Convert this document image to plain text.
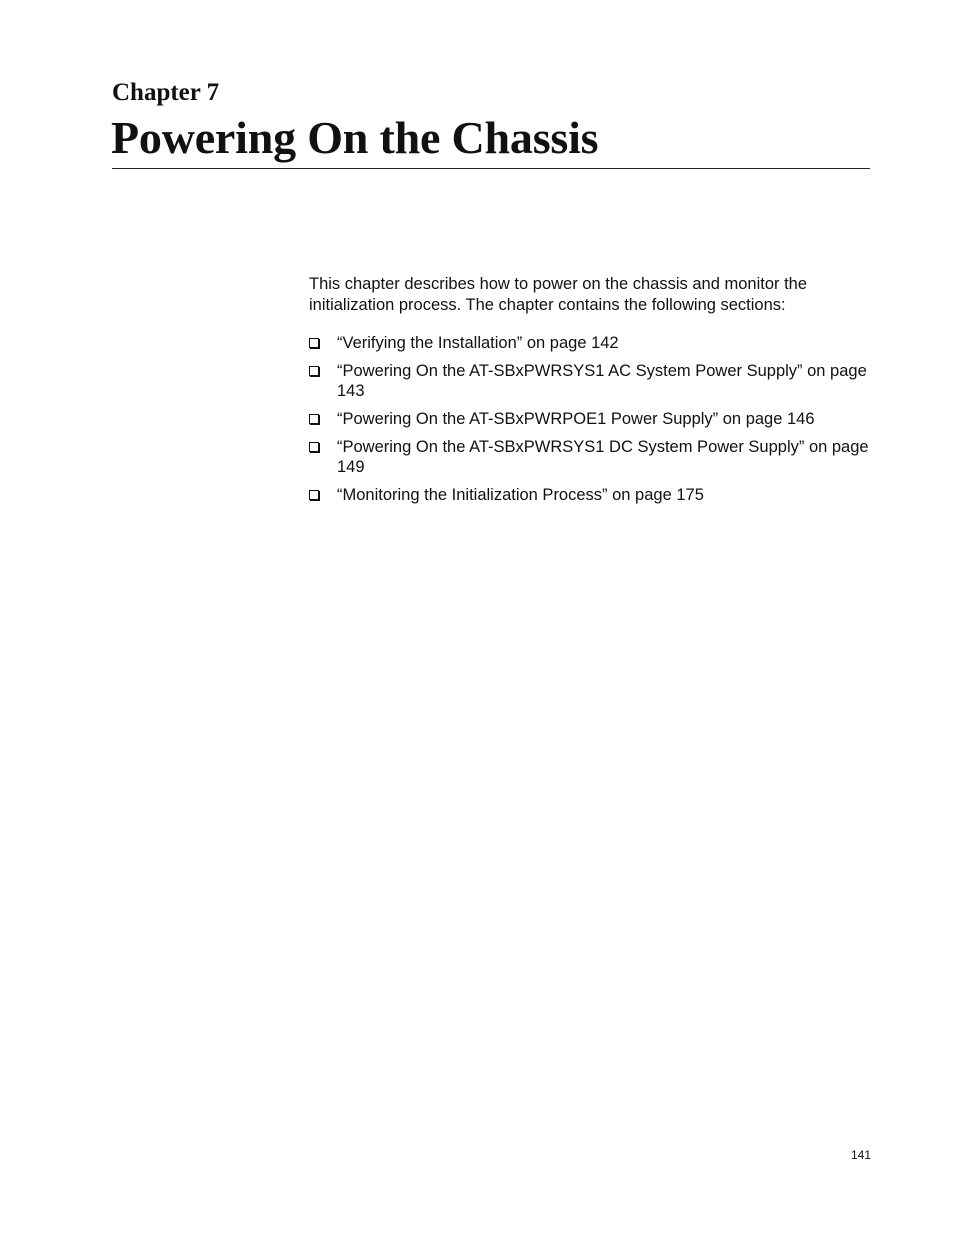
Chapter 7
Powering On the Chassis

This chapter describes how to power on the chassis and monitor the initialization process. The chapter contains the following sections:

“Verifying the Installation” on page 142
“Powering On the AT-SBxPWRSYS1 AC System Power Supply” on page 143
“Powering On the AT-SBxPWRPOE1 Power Supply” on page 146
“Powering On the AT-SBxPWRSYS1 DC System Power Supply” on page 149
“Monitoring the Initialization Process” on page 175
141
